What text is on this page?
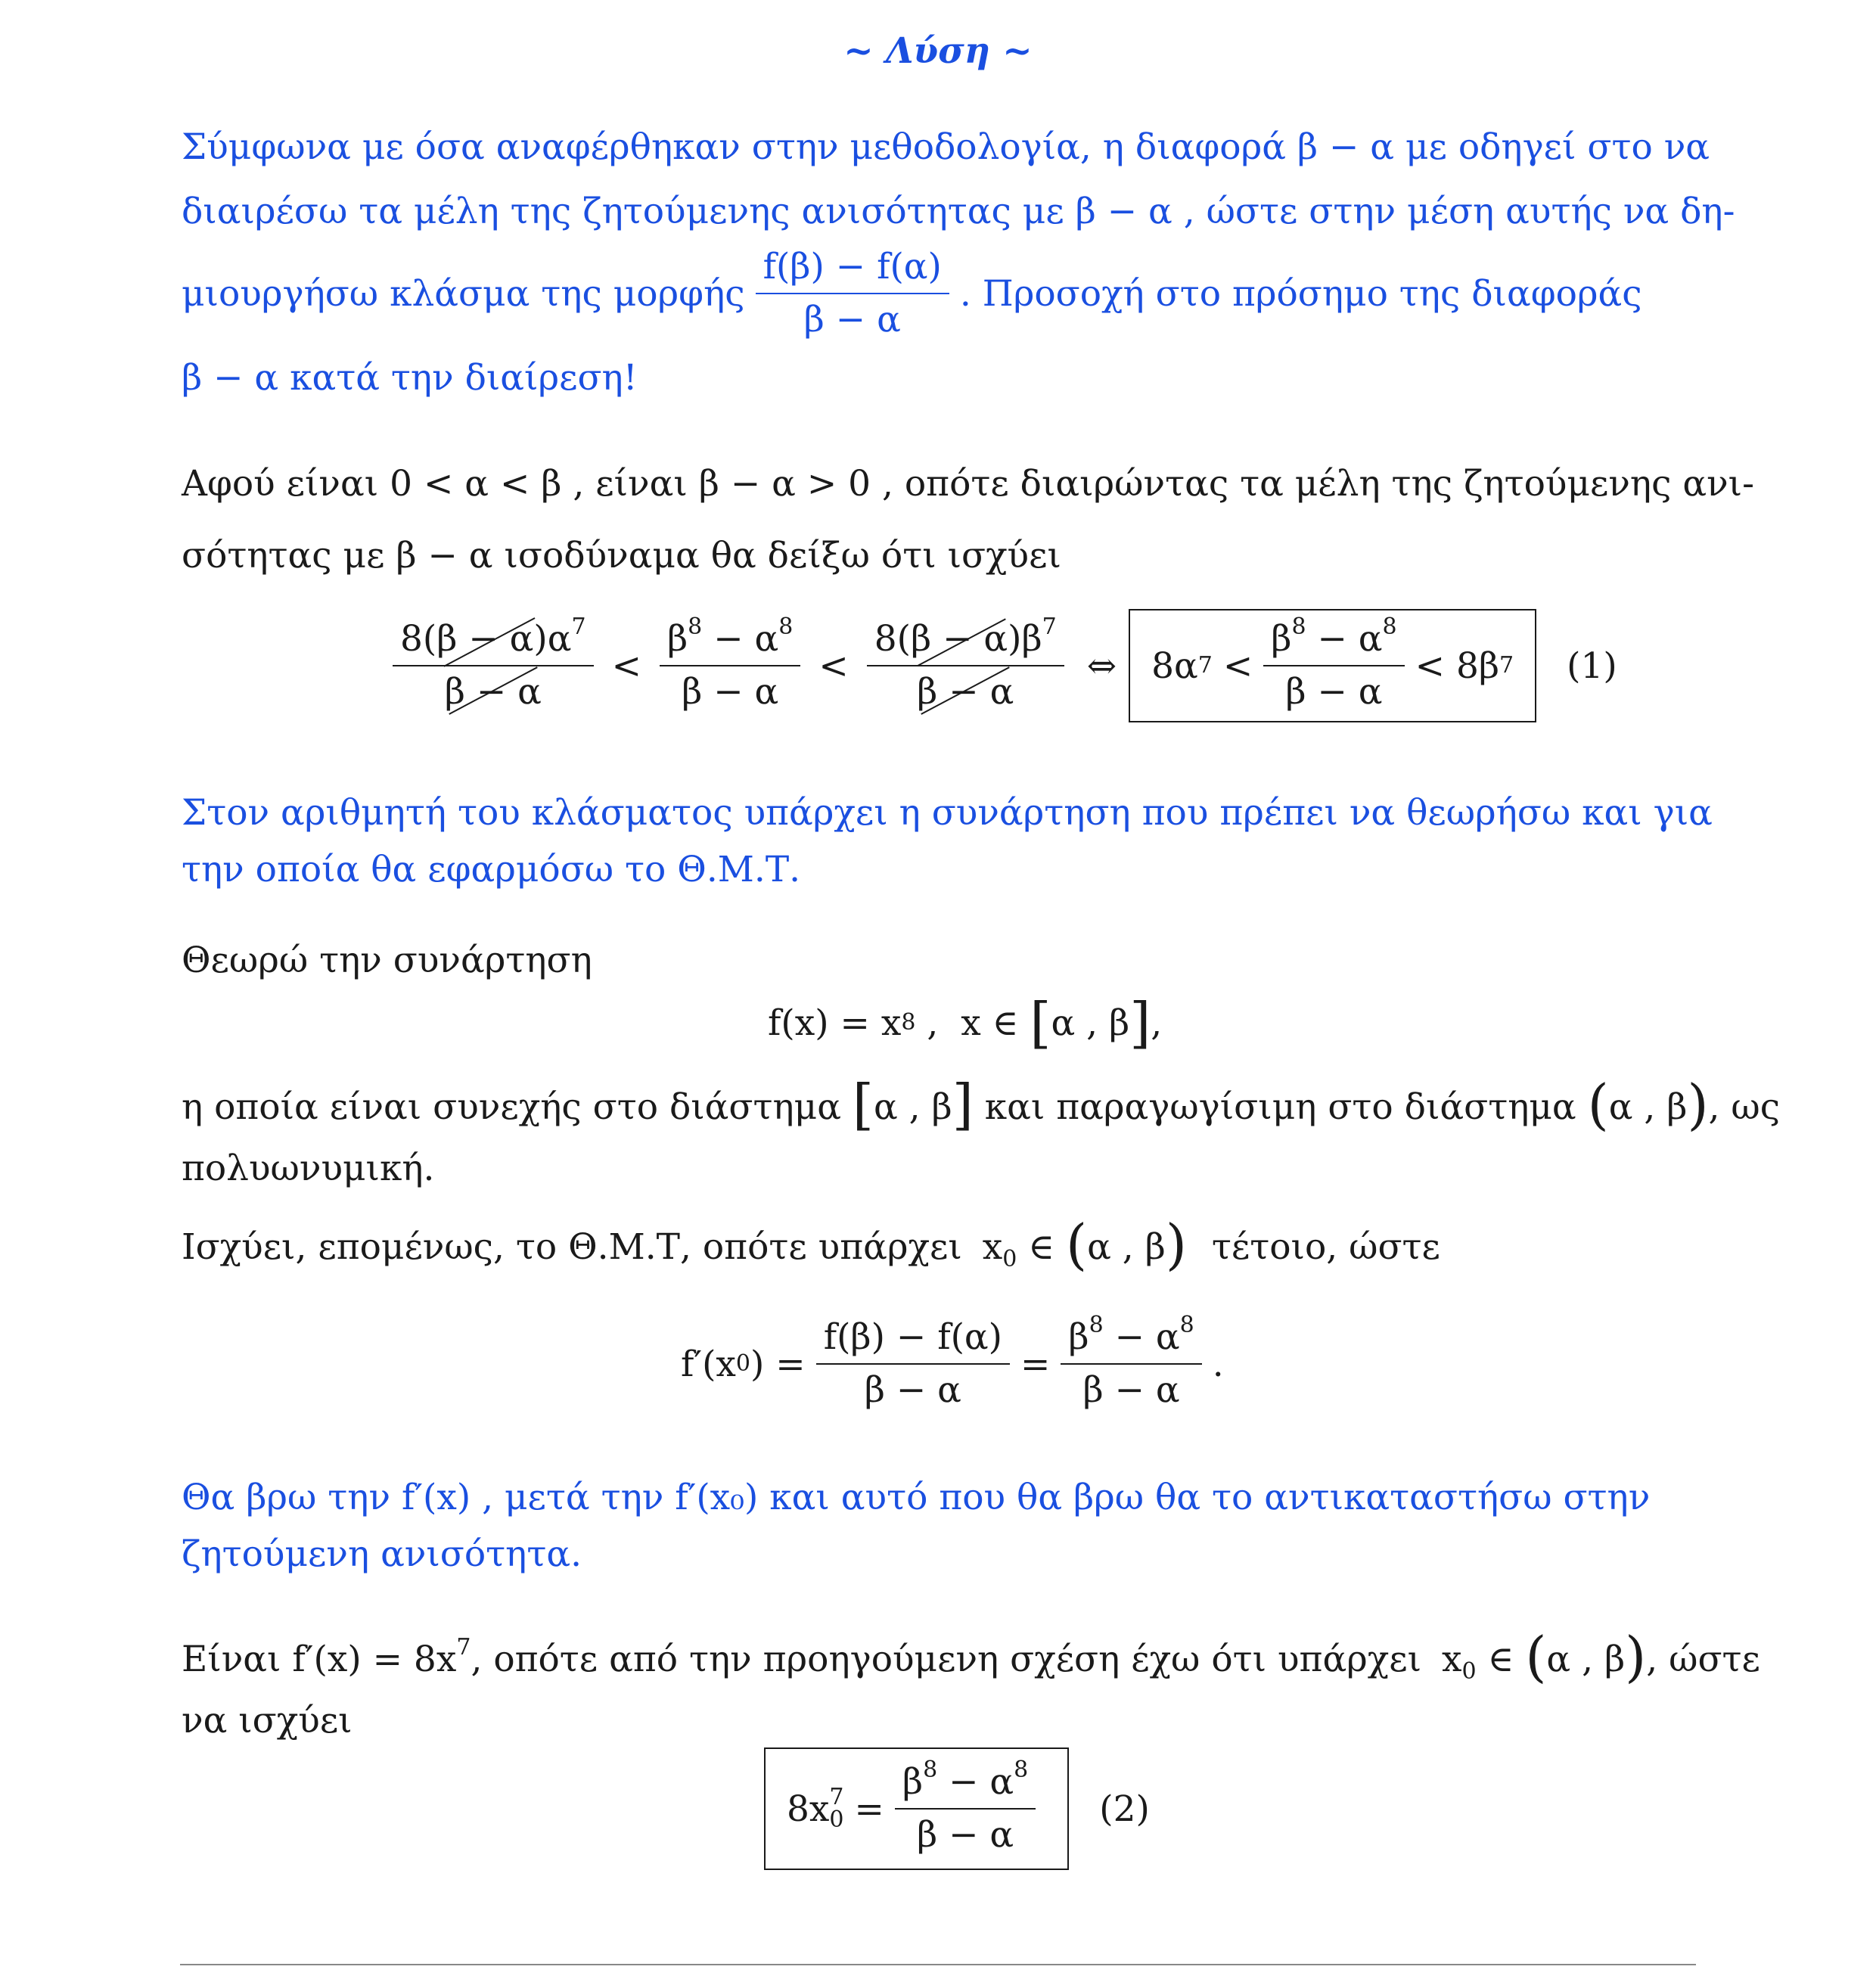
~ Λύση ~
Σύμφωνα με όσα αναφέρθηκαν στην μεθοδολογία, η διαφορά β − α με οδηγεί στο να
διαιρέσω τα μέλη της ζητούμενης ανισότητας με β − α , ώστε στην μέση αυτής να δη-
μιουργήσω κλάσμα της μορφής $\frac{f(\beta) - f(\alpha)}{\beta - \alpha}$ . Προσοχή στο πρόσημο της διαφοράς
β − α κατά την διαίρεση!
Αφού είναι 0 < α < β , είναι β − α > 0 , οπότε διαιρώντας τα μέλη της ζητούμενης ανι-
σότητας με β − α ισοδύναμα θα δείξω ότι ισχύει
$\frac{8(\beta - \alpha)\alpha^7}{\beta - \alpha} < \frac{\beta^8 - \alpha^8}{\beta - \alpha} < \frac{8(\beta - \alpha)\beta^7}{\beta - \alpha}$ ⇔ 8α $7 < \frac{\beta^8 - \alpha^8}{\beta - \alpha} < 8\beta$ 7 (1)
Στον αριθμητή του κλάσματος υπάρχει η συνάρτηση που πρέπει να θεωρήσω και για
την οποία θα εφαρμόσω το Θ.Μ.Τ.
Θεωρώ την συνάρτηση
f(x) = x 8 ,  x ∈ [ α , β ] ,
η οποία είναι συνεχής στο διάστημα [α , β] και παραγωγίσιμη στο διάστημα (α , β), ως
πολυωνυμική.
Ισχύει, επομένως, το Θ.Μ.Τ, οπότε υπάρχει $x_0$ ∈ (α , β) τέτοιο, ώστε
f′(x 0 ) = $\frac{f(\beta) - f(\alpha)}{\beta - \alpha} = \frac{\beta^8 - \alpha^8}{\beta - \alpha}$ .
Θα βρω την f′(x) , μετά την f′(x₀) και αυτό που θα βρω θα το αντικαταστήσω στην
ζητούμενη ανισότητα.
Είναι $f'(x) = 8x^7$, οπότε από την προηγούμενη σχέση έχω ότι υπάρχει $x_0$ ∈ (α , β), ώστε
να ισχύει
8x 7
$0 = \frac{\beta^8 - \alpha^8}{\beta - \alpha} (2)$
